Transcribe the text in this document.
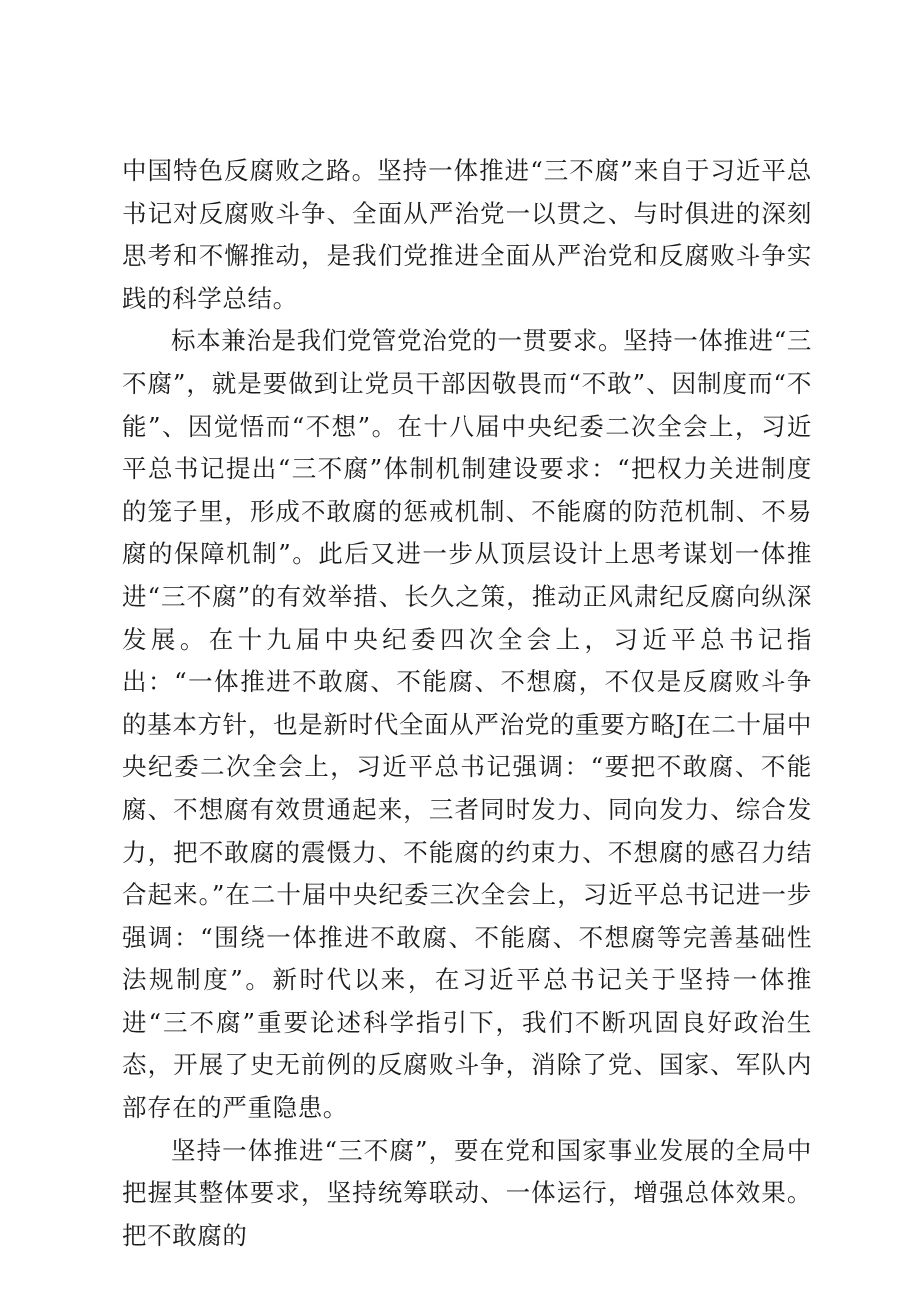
中国特色反腐败之路。坚持一体推进“三不腐”来自于习近平总书记对反腐败斗争、全面从严治党一以贯之、与时俱进的深刻思考和不懈推动，是我们党推进全面从严治党和反腐败斗争实践的科学总结。

标本兼治是我们党管党治党的一贯要求。坚持一体推进“三不腐”，就是要做到让党员干部因敬畏而“不敢”、因制度而“不能”、因觉悟而“不想”。在十八届中央纪委二次全会上，习近平总书记提出“三不腐”体制机制建设要求：“把权力关进制度的笼子里，形成不敢腐的惩戒机制、不能腐的防范机制、不易腐的保障机制”。此后又进一步从顶层设计上思考谋划一体推进“三不腐”的有效举措、长久之策，推动正风肃纪反腐向纵深发展。在十九届中央纪委四次全会上，习近平总书记指出：“一体推进不敢腐、不能腐、不想腐，不仅是反腐败斗争的基本方针，也是新时代全面从严治党的重要方略J在二十届中央纪委二次全会上，习近平总书记强调：“要把不敢腐、不能腐、不想腐有效贯通起来，三者同时发力、同向发力、综合发力，把不敢腐的震慑力、不能腐的约束力、不想腐的感召力结合起来。”在二十届中央纪委三次全会上，习近平总书记进一步强调：“围绕一体推进不敢腐、不能腐、不想腐等完善基础性法规制度”。新时代以来，在习近平总书记关于坚持一体推进“三不腐”重要论述科学指引下，我们不断巩固良好政治生态，开展了史无前例的反腐败斗争，消除了党、国家、军队内部存在的严重隐患。

坚持一体推进“三不腐”，要在党和国家事业发展的全局中把握其整体要求，坚持统筹联动、一体运行，增强总体效果。把不敢腐的
